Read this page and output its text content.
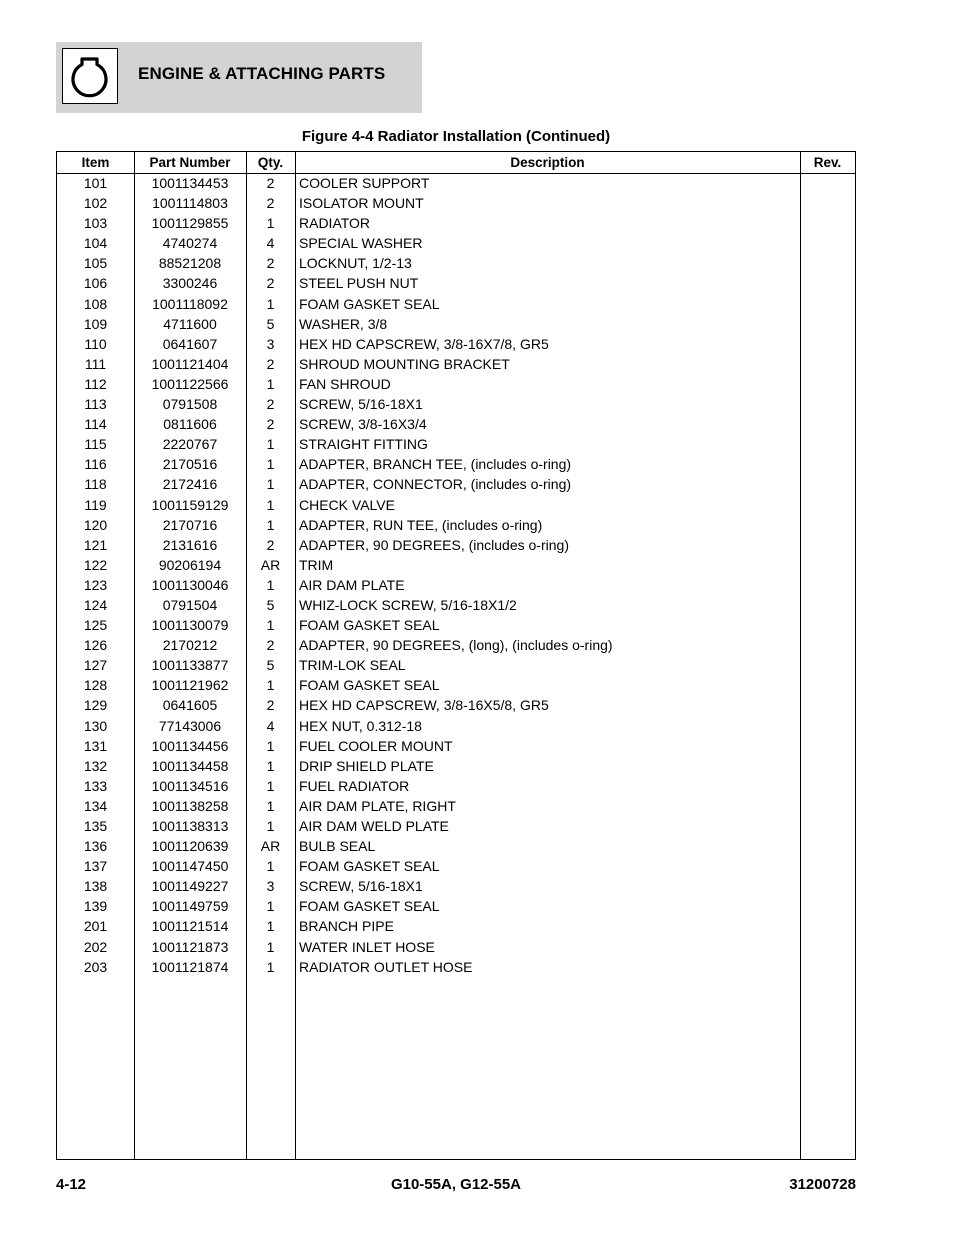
ENGINE & ATTACHING PARTS
Figure 4-4 Radiator Installation (Continued)
Item	Part Number	Qty.	Description	Rev.
101	1001134453	2	COOLER SUPPORT
102	1001114803	2	ISOLATOR MOUNT
103	1001129855	1	RADIATOR
104	4740274	4	SPECIAL WASHER
105	88521208	2	LOCKNUT, 1/2-13
106	3300246	2	STEEL PUSH NUT
108	1001118092	1	FOAM GASKET SEAL
109	4711600	5	WASHER, 3/8
110	0641607	3	HEX HD CAPSCREW, 3/8-16X7/8, GR5
111	1001121404	2	SHROUD MOUNTING BRACKET
112	1001122566	1	FAN SHROUD
113	0791508	2	SCREW, 5/16-18X1
114	0811606	2	SCREW, 3/8-16X3/4
115	2220767	1	STRAIGHT FITTING
116	2170516	1	ADAPTER, BRANCH TEE, (includes o-ring)
118	2172416	1	ADAPTER, CONNECTOR, (includes o-ring)
119	1001159129	1	CHECK VALVE
120	2170716	1	ADAPTER, RUN TEE, (includes o-ring)
121	2131616	2	ADAPTER, 90 DEGREES, (includes o-ring)
122	90206194	AR	TRIM
123	1001130046	1	AIR DAM PLATE
124	0791504	5	WHIZ-LOCK SCREW, 5/16-18X1/2
125	1001130079	1	FOAM GASKET SEAL
126	2170212	2	ADAPTER, 90 DEGREES, (long), (includes o-ring)
127	1001133877	5	TRIM-LOK SEAL
128	1001121962	1	FOAM GASKET SEAL
129	0641605	2	HEX HD CAPSCREW, 3/8-16X5/8, GR5
130	77143006	4	HEX NUT, 0.312-18
131	1001134456	1	FUEL COOLER MOUNT
132	1001134458	1	DRIP SHIELD PLATE
133	1001134516	1	FUEL RADIATOR
134	1001138258	1	AIR DAM PLATE, RIGHT
135	1001138313	1	AIR DAM WELD PLATE
136	1001120639	AR	BULB SEAL
137	1001147450	1	FOAM GASKET SEAL
138	1001149227	3	SCREW, 5/16-18X1
139	1001149759	1	FOAM GASKET SEAL
201	1001121514	1	BRANCH PIPE
202	1001121873	1	WATER INLET HOSE
203	1001121874	1	RADIATOR OUTLET HOSE
4-12	G10-55A, G12-55A	31200728
